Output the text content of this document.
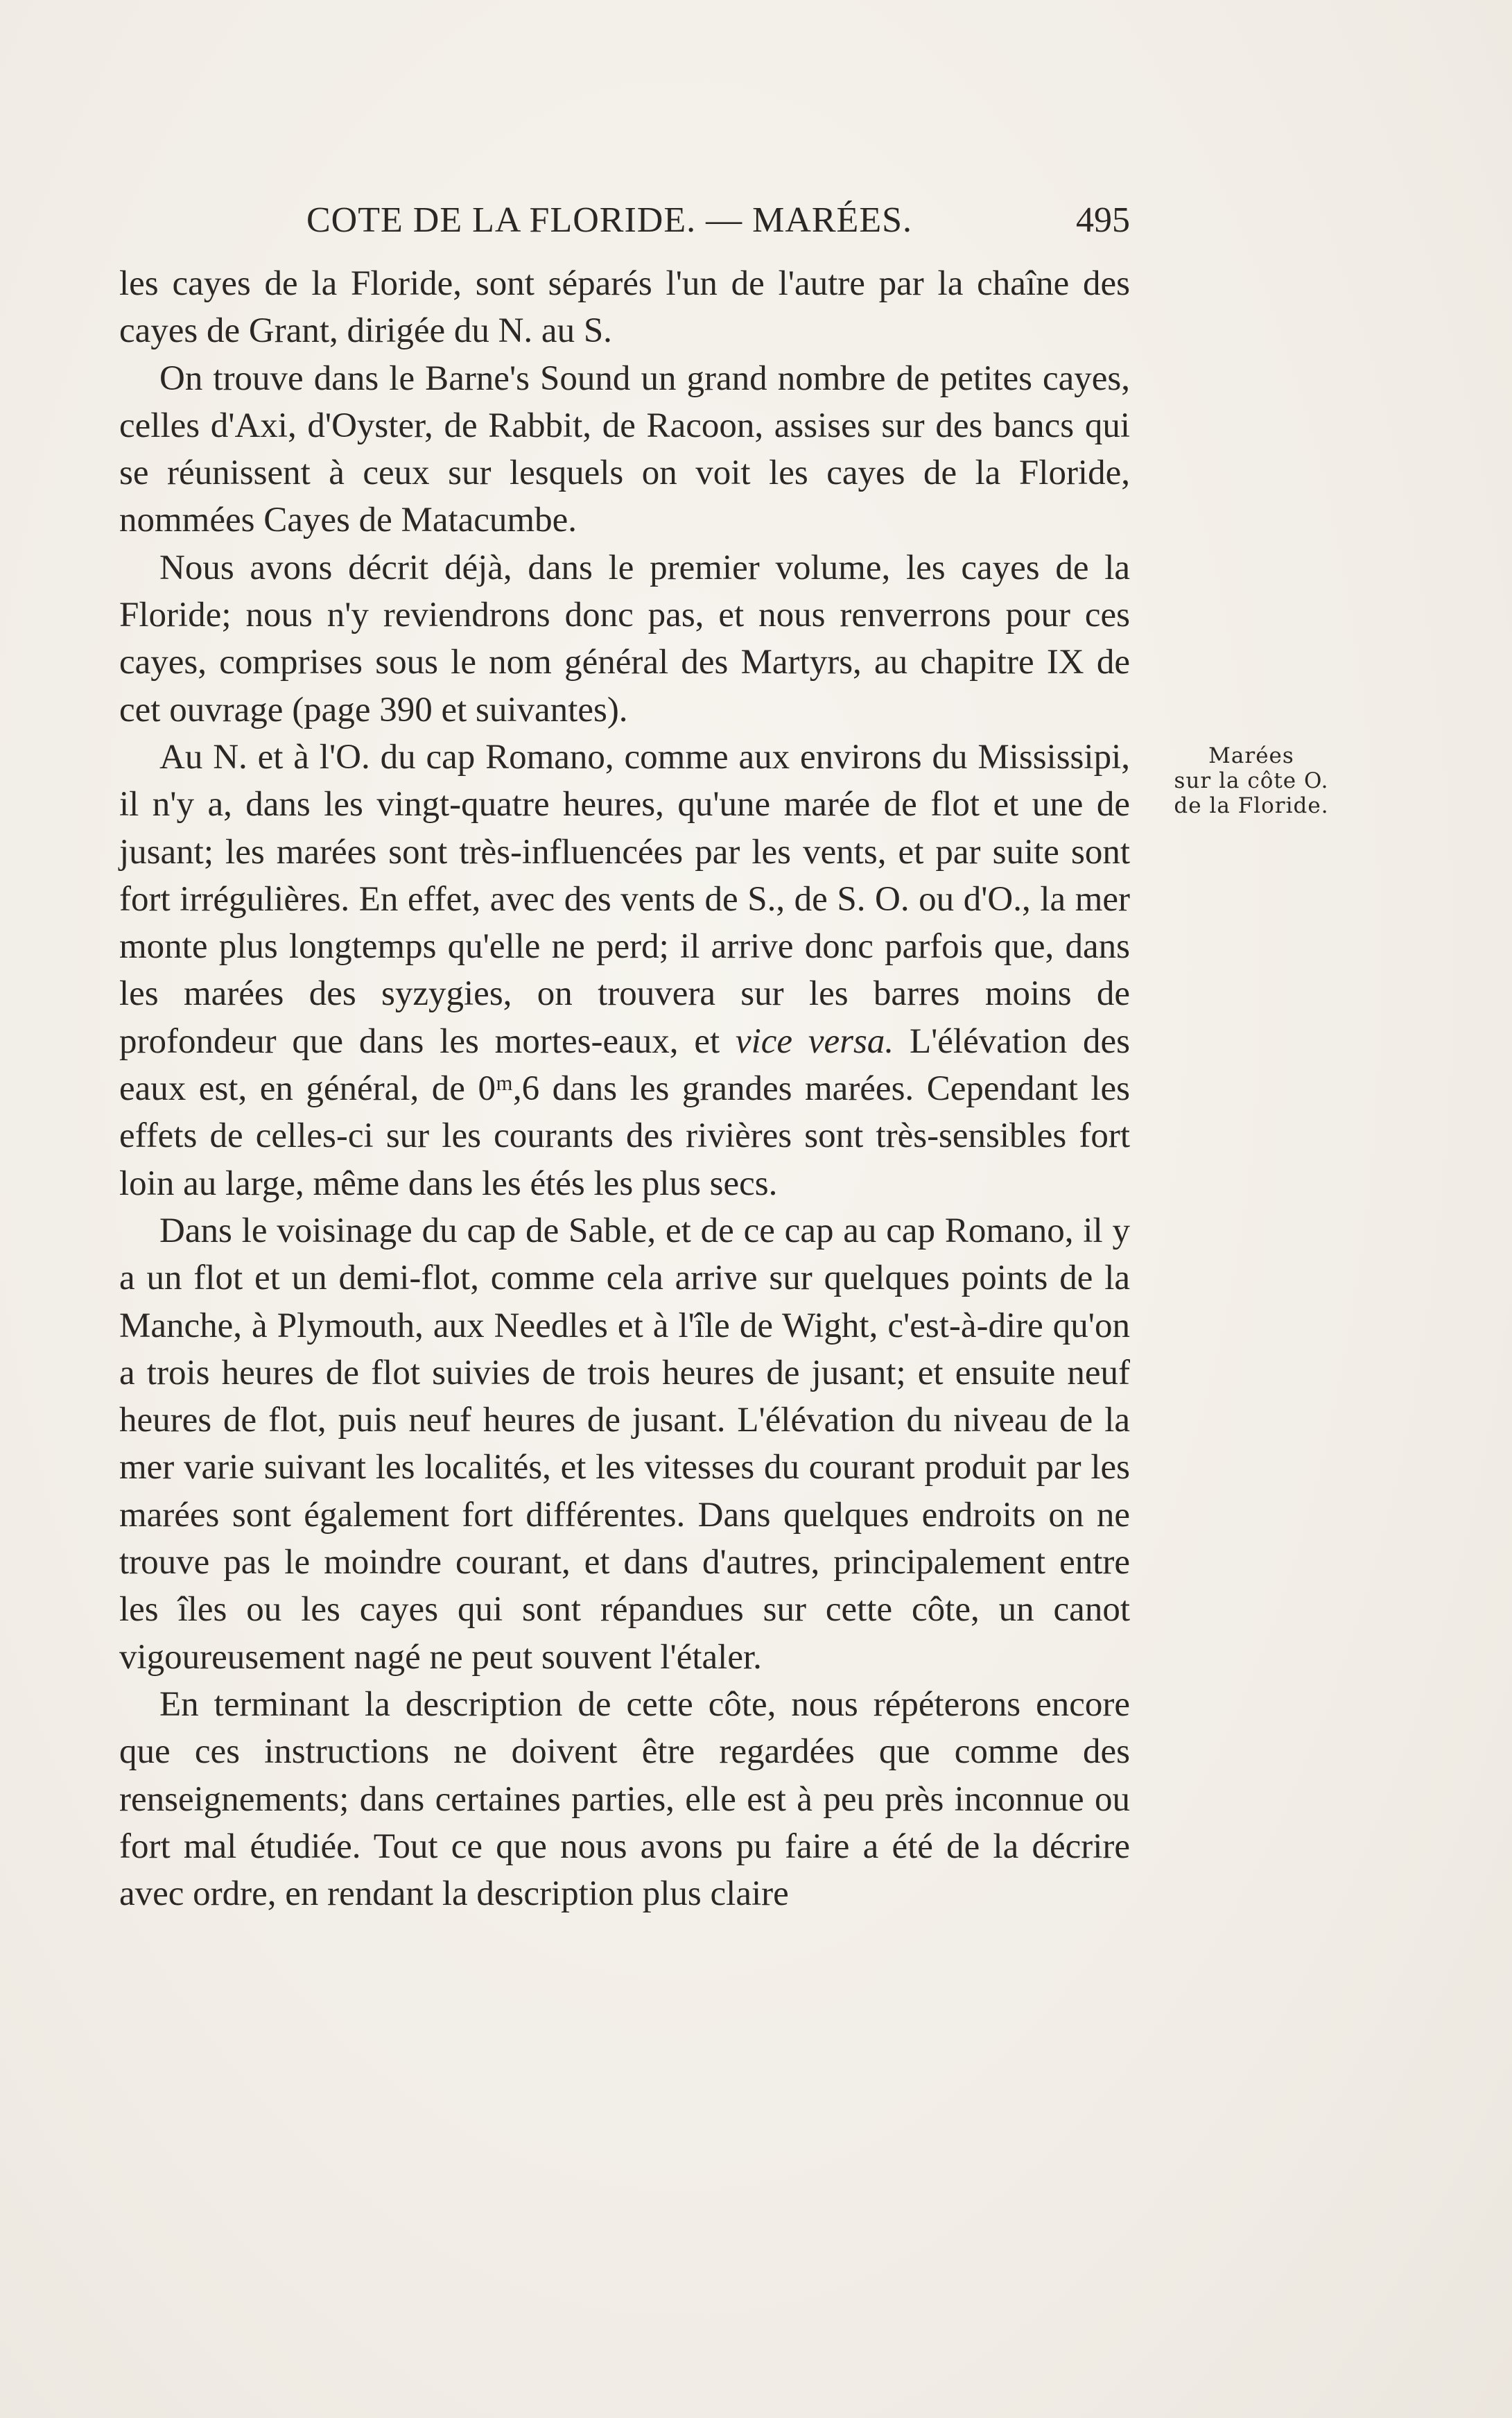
COTE DE LA FLORIDE. — MARÉES.	495

les cayes de la Floride, sont séparés l'un de l'autre par la chaîne des cayes de Grant, dirigée du N. au S.

On trouve dans le Barne's Sound un grand nombre de petites cayes, celles d'Axi, d'Oyster, de Rabbit, de Racoon, assises sur des bancs qui se réunissent à ceux sur lesquels on voit les cayes de la Floride, nommées Cayes de Matacumbe.

Nous avons décrit déjà, dans le premier volume, les cayes de la Floride; nous n'y reviendrons donc pas, et nous renverrons pour ces cayes, comprises sous le nom général des Martyrs, au chapitre IX de cet ouvrage (page 390 et suivantes).

Au N. et à l'O. du cap Romano, comme aux environs du Mississipi, il n'y a, dans les vingt-quatre heures, qu'une marée de flot et une de jusant; les marées sont très-influencées par les vents, et par suite sont fort irrégulières. En effet, avec des vents de S., de S. O. ou d'O., la mer monte plus longtemps qu'elle ne perd; il arrive donc parfois que, dans les marées des syzygies, on trouvera sur les barres moins de profondeur que dans les mortes-eaux, et vice versa. L'élévation des eaux est, en général, de 0ᵐ,6 dans les grandes marées. Cependant les effets de celles-ci sur les courants des rivières sont très-sensibles fort loin au large, même dans les étés les plus secs.

Dans le voisinage du cap de Sable, et de ce cap au cap Romano, il y a un flot et un demi-flot, comme cela arrive sur quelques points de la Manche, à Plymouth, aux Needles et à l'île de Wight, c'est-à-dire qu'on a trois heures de flot suivies de trois heures de jusant; et ensuite neuf heures de flot, puis neuf heures de jusant. L'élévation du niveau de la mer varie suivant les localités, et les vitesses du courant produit par les marées sont également fort différentes. Dans quelques endroits on ne trouve pas le moindre courant, et dans d'autres, principalement entre les îles ou les cayes qui sont répandues sur cette côte, un canot vigoureusement nagé ne peut souvent l'étaler.

En terminant la description de cette côte, nous répéterons encore que ces instructions ne doivent être regardées que comme des renseignements; dans certaines parties, elle est à peu près inconnue ou fort mal étudiée. Tout ce que nous avons pu faire a été de la décrire avec ordre, en rendant la description plus claire

Marées
sur la côte O.
de la Floride.
